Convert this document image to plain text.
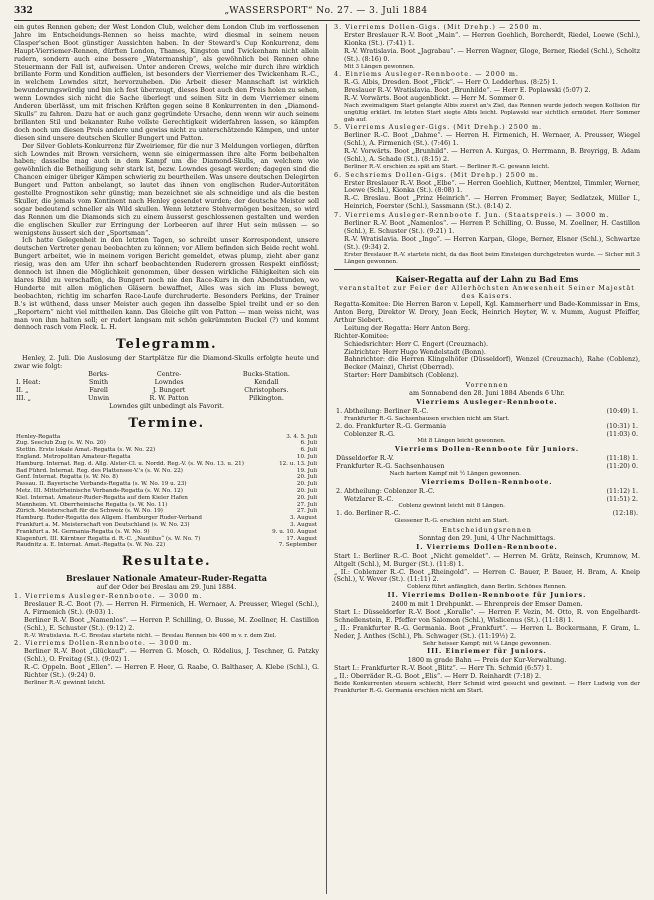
332	„WASSERSPORT“ No. 27. — 3. Juli 1884

ein gutes Rennen geben; der West London Club, welcher dem London Club im verflossenen Jahre im Entscheidungs-Rennen so heiss machte, wird diesmal in seinem neuen Clasper'schen Boot günstiger Aussichten haben. In der Steward's Cup Konkurrenz, dem Haupt-Vierriemer-Rennen, dürften London, Thames, Kingston und Twickenham nicht allein rudern, sondern auch eine besserе „Watermanship“, als gewöhnlich bei Rennen ohne Steuermann der Fall ist, aufweisen. Unter anderen Crews, welche mir durch ihre wirklich brillante Form und Kondition auffielen, ist besonders der Vierriemer des Twickenham R.-C., in welchem Lowndes sitzt, hervorzuheben. Die Arbeit dieser Mannschaft ist wirklich bewunderungswürdig und bin ich fest überzeugt, dieses Boot auch den Preis holen zu sehen, wenn Lowndes sich nicht die Sache überlegt und seinen Sitz in dem Vierriemer einem Anderen überlässt, um mit frischen Kräften gegen seine 8 Konkurrenten in den „Diamond-Skulls“ zu fahren. Dazu hat er auch ganz gegründete Ursache, denn wenn wir auch seinem brillanten Stil und bekannter Ruhe vollste Gerechtigkeit widerfahren lassen, so kämpfen doch noch um diesen Preis andere und gewiss nicht zu unterschätzende Kämpen, und unter diesen sind unsere deutschen Skuller Bungert und Patton.

Der Silver Goblets-Konkurrenz für Zweiriemer, für die nur 3 Meldungen vorliegen, dürften sich Lowndes mit Brown versichern, wenn sie einigermassen ihre alte Form beibehalten haben; dasselbe mag auch in dem Kampf um die Diamond-Skulls, an welchem wie gewöhnlich die Betheiligung sehr stark ist, bezw. Lowndes gesagt werden; dagegen sind die Chancen einiger übriger Kämpen schwierig zu beurtheilen. Was unsere deutschen Delegirten Bungert und Patton anbelangt, so lautet das ihnen von englischen Ruder-Autoritäten gestellte Prognostikon sehr günstig; man bezeichnet sie als schneidige und als die besten Skuller, die jemals vom Kontinent nach Henley gesendet wurden; der deutsche Meister soll sogar bedeutend schneller als Wild skullen. Wenn letztere Stehvermögen besitzen, so wird das Rennen um die Diamonds sich zu einem äusserst geschlossenen gestalten und werden die englischen Skuller zur Erringung der Lorbeeren auf ihrer Hut sein müssen — so wenigstens äussert sich der „Sportsman“.

Ich hatte Gelegenheit in den letzten Tagen, so schreibt unser Korrespondent, unsere deutschen Vertreter genau beobachten zu können; vor Allem befinden sich Beide recht wohl. Bungert arbeitet, wie in meinem vorigen Bericht gemeldet, etwas plump, zieht aber ganz riesig, was den am Ufer ihn scharf beobachtenden Ruderern grossen Respekt einflösst; dennoch ist ihnen die Möglichkeit genommen, über dessen wirkliche Fähigkeiten sich ein klares Bild zu verschaffen, da Bungert noch nie den Race-Kurs in den Abendstunden, wo Hunderte mit allen möglichen Gläsern bewaffnet, Alles was sich im Fluss bewegt, beobachten, richtig im scharfen Race-Laufe durchruderte. Besonders Perkins, der Trainer B.'s ist wüthend, dass unser Meister auch gegen ihn dasselbe Spiel treibt und er so den „Reportern“ nicht viel mittheilen kann. Das Gleiche gilt von Patton — man weiss nicht, was man von ihm halten soll; er rudert langsam mit schön gekrümmten Buckel (?) und kommt dennoch rasch vom Fleck. L. H.

Telegramm.

Henley, 2. Juli. Die Auslosung der Startplätze für die Diamond-Skulls erfolgte heute und zwar wie folgt:

	Berks-	Centre-	Bucks-Station.
I. Heat:	Smith	Lowndes	Kendall
II. „	Farell	J. Bungert	Christophers.
III. „	Unwin	R. W. Patton	Pilkington.
Lowndes gilt unbedingt als Favorit.
Termine.
Henley-Regatta	3. 4. 5. Juli
Zug. Seeclub Zug (s. W. No. 20)	6. Juli
Stettin. Erste lokale Amat.-Regatta (s. W. No. 22)	6. Juli
England. Metropolitan Amateur-Regatta	10. Juli
Hamburg. Internat. Reg. d. Allg. Alster-Cl. u. Nordd. Reg.-V. (s. W. No. 13. u. 21)	12. u. 13. Juli
Bad Führd. Internat. Reg. des Plattensee-V.'s (s. W. No. 22)	19. Juli
Genf. Internat. Regatta (s. W. No. 8)	20. Juli
Passau. II. Bayerische Verbands-Regatta (s. W. No. 19 u. 23)	20. Juli
Metz. III. Mittelrheinische Verbands-Regatta (s. W. No. 12)	20. Juli
Kiel. Internat. Amateur-Ruder-Regatta auf dem Kieler Hafen	20. Juli
Mannheim. VI. Oberrheinische Regatta (s. W. No. 11)	27. Juli
Zürich. Meisterschaft für die Schweiz (s. W. No. 19)	27. Juli
Hamburg. Ruder-Regatta des Allgem. Hamburger Ruder-Verband	3. August
Frankfurt a. M. Meisterschaft von Deutschland (s. W. No. 23)	3. August
Frankfurt a. M. Germania-Regatta (s. W. No. 9)	9. u. 10. August
Klagenfurt. III. Kärntner Regatta d. R.-C. „Nautilus“ (s. W. No. 7)	17. August
Raudnitz a. E. Internat. Amat.-Regatta (s. W. No. 22)	7. September
Resultate.
Breslauer Nationale Amateur-Ruder-Regatta
auf der Oder bei Breslau am 29. Juni 1884.
1. Vierriems Ausleger-Rennboote. — 3000 m.
Breslauer R.-C. Boot (?). — Herren H. Firmenich, H. Wernaer, A. Preusser, Wiegel (Schl.), A. Firmenich (St.). (9:03) 1.
Berliner R.-V. Boot „Namenlos“. — Herren P. Schilling, O. Busse, M. Zoellner, H. Castillon (Schl.), E. Schuster (St.). (9:12) 2.
R.-V. Wratislavia. R.-C. Breslau startete nicht. — Breslau Rennen bis 400 m v. r. dem Ziel.
2. Vierriems Dollen-Rennboote. — 3000 m.
Berliner R.-V. Boot „Glückauf“. — Herren G. Mosch, O. Rödelius, J. Teschner, G. Patzky (Schl.), O. Freitag (St.). (9:02) 1.
R.-C. Oppeln. Boot „Ellen“. — Herren F. Heer, G. Raabe, O. Balthaser, A. Klebe (Schl.), G. Richter (St.). (9:24) 0.
Berliner R.-V. gewinnt leicht.
3. Vierriems Dollen-Gigs. (Mit Drehp.) — 2500 m.
Erster Breslauer R.-V. Boot „Main“. — Herren Goehlich, Borcherdt, Riedel, Loewe (Schl.), Kionka (St.). (7:41) 1.
R.-V. Wratislavia. Boot „Jagrabau“. — Herren Wagner, Gloge, Berner, Riedel (Schl.), Scholtz (St.). (8:16) 0.
Mit 3 Längen gewonnen.
4. Einriems Ausleger-Rennboote. — 2000 m.
R.-G. Albis, Dresden. Boot „Flick“. — Herr O. Ledderhus. (8:25) 1.
Breslauer R.-V. Wratislavia. Boot „Brunhilde“. — Herr E. Poplawski (5:07) 2.
R.-V. Vorwärts. Boot augenblickt. — Herr M. Sommer 0.
Nach zweimaligem Start gelangte Albis zuerst an's Ziel, das Rennen wurde jedoch wegen Kollision für ungültig erklärt. Im letzten Start siegte Albis leicht. Poplawski war sichtlich ermüdet. Herr Sommer gab auf.
5. Vierriems Ausleger-Gigs. (Mit Drehp.) 2500 m.
Berliner R.-C. Boot „Dahme“. — Herren H. Firmenich, H. Wernaer, A. Preusser, Wiegel (Schl.), A. Firmenich (St.). (7:46) 1.
R.-V. Vorwärts. Boot „Brunhild“. — Herren A. Kurgas, O. Herrmann, B. Breyrigg, B. Adam (Schl.), A. Schade (St.). (8:15) 2.
Berliner R.-V. erschien zu spät am Start. — Berliner R.-C. gewann leicht.
6. Sechsriems Dollen-Gigs. (Mit Drehp.) 2500 m.
Erster Breslauer R.-V. Boot „Elbe“. — Herren Goehlich, Kuttner, Mentzel, Timmler, Werner, Loewe (Schl.), Kionka (St.). (8:08) 1.
R.-C. Breslau. Boot „Prinz Heinrich“. — Herren Frommer, Bayer, Sedlatzek, Müller I., Heinrich, Foerster (Schl.), Sassmann (St.). (8:14) 2.
7. Vierriems Ausleger-Rennboote f. Jun. (Staatspreis.) — 3000 m.
Berliner R.-V. Boot „Namenlos“. — Herren P. Schilling, O. Busse, M. Zoellner, H. Castillon (Schl.), E. Schuster (St.). (9:21) 1.
R.-V. Wratislavia. Boot „Ingo“. — Herren Karpan, Gloge, Berner, Elsner (Schl.), Schwartze (St.). (9:34) 2.
Erster Breslauer R.-V. startete nicht, da das Boot beim Einsteigen durchgetreten wurde. — Sicher mit 3 Längen gewonnen.
Kaiser-Regatta auf der Lahn zu Bad Ems
veranstaltet zur Feier der Allerhöchsten Anwesenheit Seiner Majestät des Kaisers.
Regatta-Komitee: Die Herren Baron v. Lepell, Kgl. Kammerherr und Bade-Kommissar in Ems, Anton Berg, Direktor W. Drory, Jean Eeck, Heinrich Heyter, W. v. Mumm, August Pfeiffer, Arthur Siebert.
Leitung der Regatta: Herr Anton Berg.
Richter-Komitee:
Schiedsrichter: Herr C. Engert (Creuznach).
Zielrichter: Herr Hugo Wendelstadt (Bonn).
Bahnrichter: die Herren Klingelhöfer (Düsseldorf), Wenzel (Creuznach), Rahe (Coblenz), Becker (Mainz), Christ (Oberrad).
Starter: Herr Dambitsch (Coblenz).
Vorrennen
am Sonnabend den 28. Juni 1884 Abends 6 Uhr.
Vierriems Ausleger-Rennboote.
1. Abtheilung: Berliner R.-C.	(10:49) 1.
Frankfurter R.-G. Sachsenhausen erschien nicht am Start.	
2. do. Frankfurter R.-G. Germania	(10:31) 1.
Coblenzer R.-G.	(11:03) 0.
Mit 8 Längen leicht gewonnen.	
Vierriems Dollen-Rennboote für Juniors.
Düsseldorfer R.-V.	(11:18) 1.
Frankfurter R.-G. Sachsenhausen	(11:20) 0.
Nach hartem Kampf mit ½ Längen gewonnen.	
Vierriems Dollen-Rennboote.
2. Abtheilung: Coblenzer R.-C.	(11:12) 1.
Wetzlarer R.-C.	(11:51) 2.
Coblenz gewinnt leicht mit 8 Längen.	
1. do. Berliner R.-C.	(12:18).
Giessener R.-G. erschien nicht am Start.	
Entscheidungsrennen
Sonntag den 29. Juni, 4 Uhr Nachmittags.
I. Vierriems Dollen-Rennboote.
Start I.: Berliner R.-C. Boot „Nicht gemeldet“. — Herren M. Grätz, Reinsch, Krumnow, M. Altgelt (Schl.), M. Burger (St.). (11:8) 1.
„ II.: Coblenzer R.-C. Boot „Rheingold“. — Herren C. Bauer, P. Bauer, H. Bram, A. Kneip (Schl.), V. Wever (St.). (11:11) 2.
Coblenz führt anfänglich, dann Berlin. Schönes Rennen.
II. Vierriems Dollen-Rennboote für Juniors.
2400 m mit 1 Drehpunkt. — Ehrenpreis der Emser Damen.
Start I.: Düsseldorfer R.-V. Boot „Koralle“. — Herren F. Vezin, M. Otto, R. von Engelhardt-Schnellenstein, E. Pfeffer von Salomon (Schl.), Wislicenus (St.). (11:18) 1.
„ II.: Frankfurter R.-G. Germania. Boot „Frankfurt“. — Herren L. Bockermann, F. Gram, L. Neder, J. Anthes (Schl.), Ph. Schwager (St.). (11:19½) 2.
Sehr heisser Kampf; mit ⅛ Länge gewonnen.
III. Einriemer für Juniors.
1800 m grade Bahn — Preis der Kur-Verwaltung.
Start I.: Frankfurter R.-V. Boot „Blitz“. — Herr Th. Schmid (6:57) 1.
„ II.: Oberräder R.-G. Boot „Elis“. — Herr D. Reinhardt (7:18) 2.
Beide Konkurrenten steuern schlecht, Herr Schmid wird gesucht und gewinnt. — Herr Ludwig von der Frankfurter R.-G. Germania erschien nicht am Start.
